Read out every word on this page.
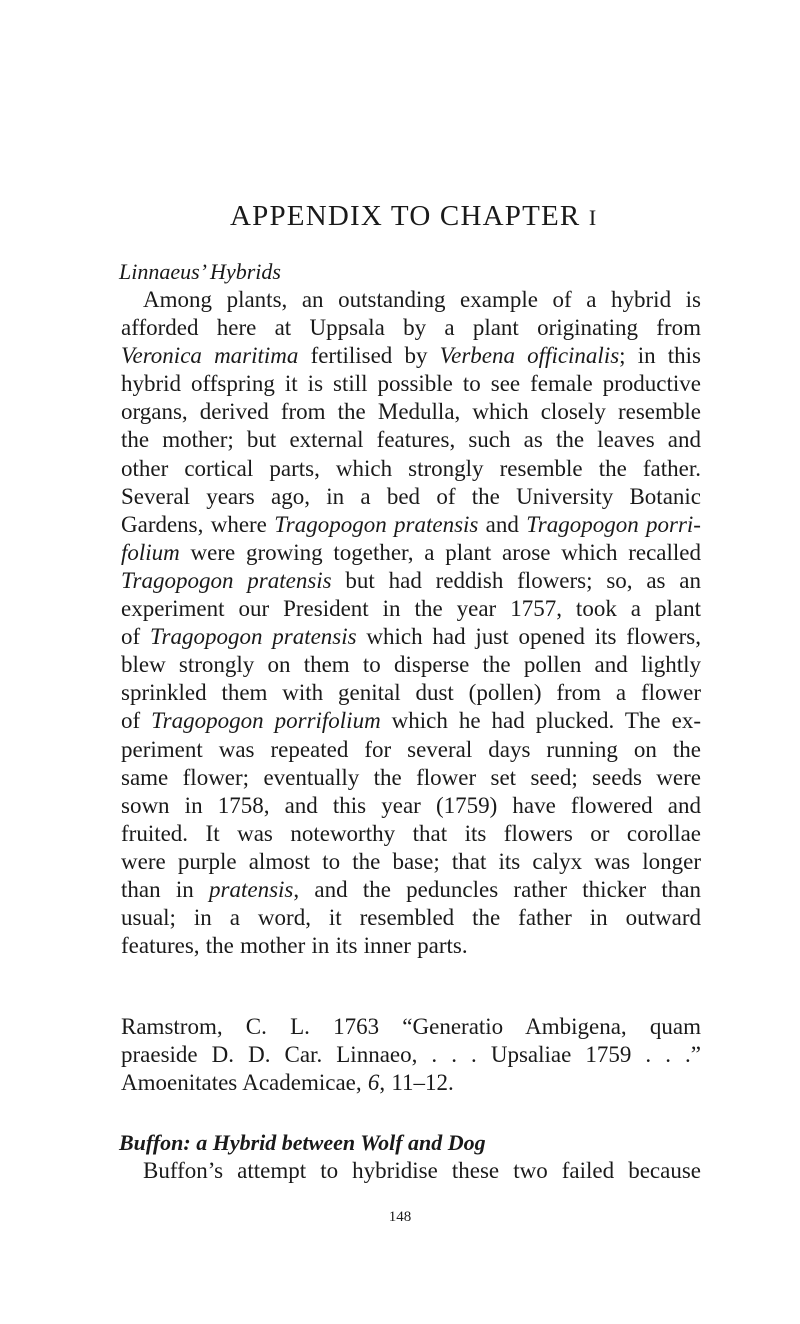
APPENDIX TO CHAPTER I
Linnaeus’ Hybrids
Among plants, an outstanding example of a hybrid is
afforded here at Uppsala by a plant originating from
Veronica maritima fertilised by Verbena officinalis; in this
hybrid offspring it is still possible to see female productive
organs, derived from the Medulla, which closely resemble
the mother; but external features, such as the leaves and
other cortical parts, which strongly resemble the father.
Several years ago, in a bed of the University Botanic
Gardens, where Tragopogon pratensis and Tragopogon porri-
folium were growing together, a plant arose which recalled
Tragopogon pratensis but had reddish flowers; so, as an
experiment our President in the year 1757, took a plant
of Tragopogon pratensis which had just opened its flowers,
blew strongly on them to disperse the pollen and lightly
sprinkled them with genital dust (pollen) from a flower
of Tragopogon porrifolium which he had plucked. The ex-
periment was repeated for several days running on the
same flower; eventually the flower set seed; seeds were
sown in 1758, and this year (1759) have flowered and
fruited. It was noteworthy that its flowers or corollae
were purple almost to the base; that its calyx was longer
than in pratensis, and the peduncles rather thicker than
usual; in a word, it resembled the father in outward
features, the mother in its inner parts.
Ramstrom, C. L. 1763 “Generatio Ambigena, quam
praeside D. D. Car. Linnaeo, . . . Upsaliae 1759 . . .”
Amoenitates Academicae, 6, 11–12.
Buffon: a Hybrid between Wolf and Dog
Buffon’s attempt to hybridise these two failed because
148
